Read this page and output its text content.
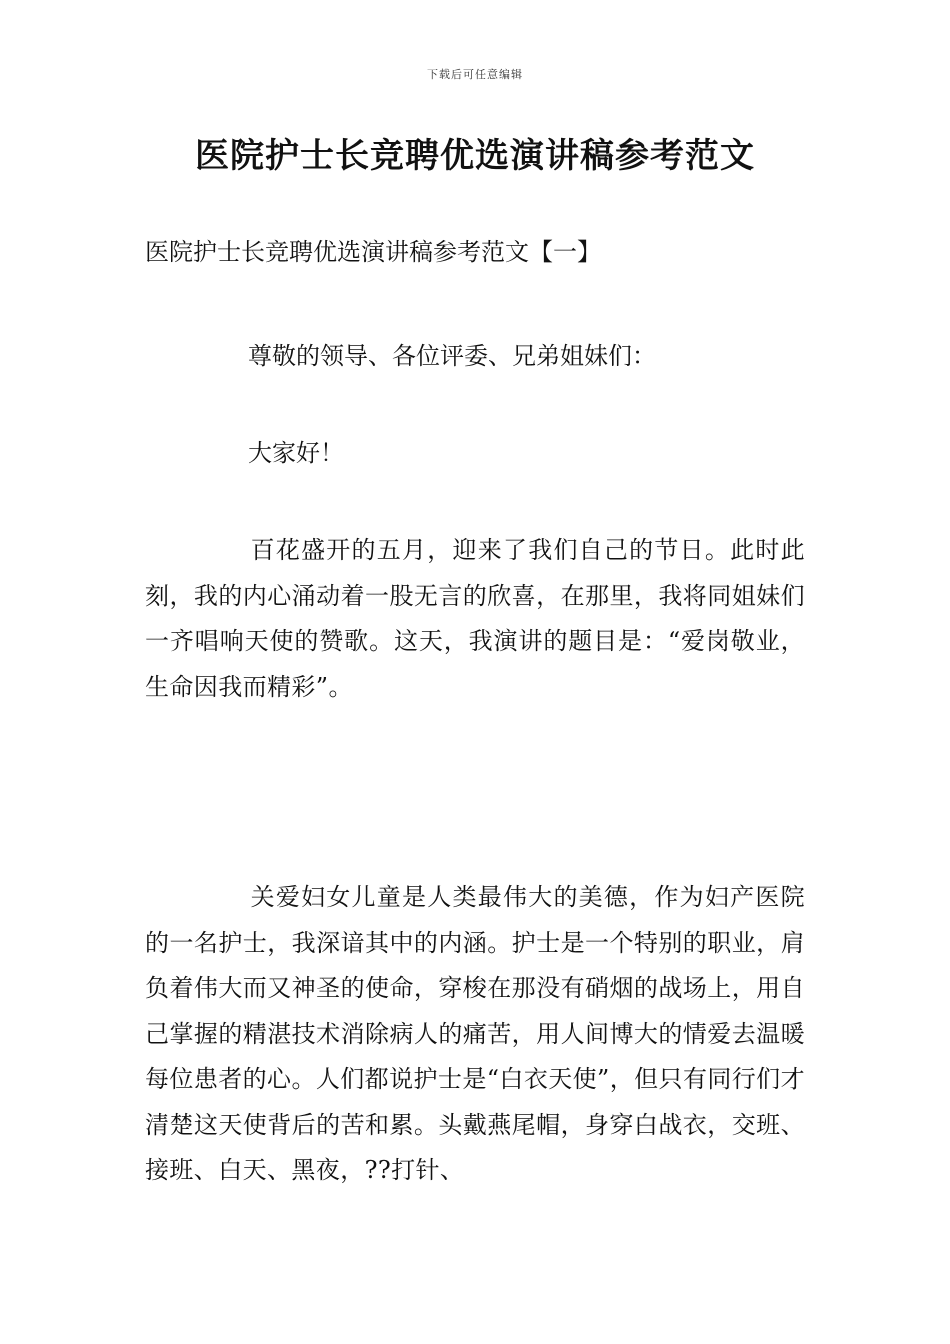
下载后可任意编辑
医院护士长竞聘优选演讲稿参考范文

医院护士长竞聘优选演讲稿参考范文【一】

尊敬的领导、各位评委、兄弟姐妹们：

大家好！

百花盛开的五月，迎来了我们自己的节日。此时此刻，我的内心涌动着一股无言的欣喜，在那里，我将同姐妹们一齐唱响天使的赞歌。这天，我演讲的题目是：“爱岗敬业，生命因我而精彩”。

关爱妇女儿童是人类最伟大的美德，作为妇产医院的一名护士，我深谙其中的内涵。护士是一个特别的职业，肩负着伟大而又神圣的使命，穿梭在那没有硝烟的战场上，用自己掌握的精湛技术消除病人的痛苦，用人间博大的情爱去温暖每位患者的心。人们都说护士是“白衣天使”，但只有同行们才清楚这天使背后的苦和累。头戴燕尾帽，身穿白战衣，交班、接班、白天、黑夜，??打针、
